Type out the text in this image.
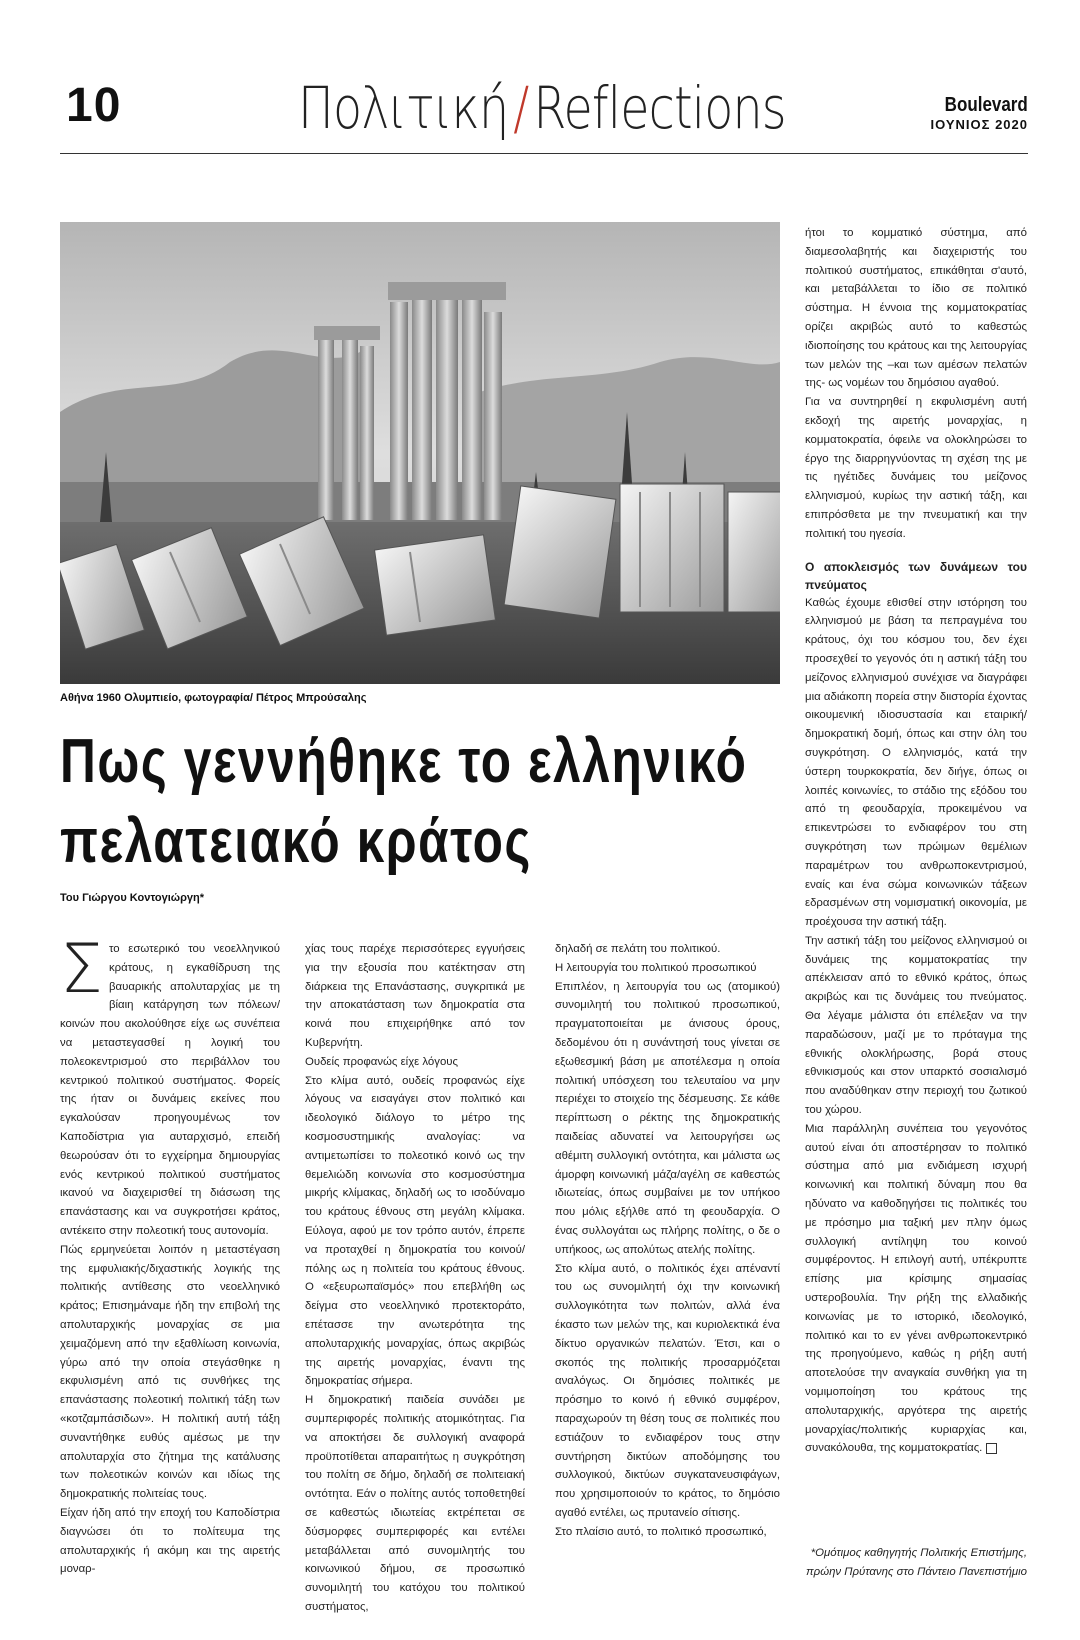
10	Πολιτική/Reflections	Boulevard
ΙΟΥΝΙΟΣ 2020
Αθήνα 1960 Ολυμπιείο, φωτογραφία/ Πέτρος Μπρούσαλης
Πως γεννήθηκε το ελληνικό
πελατειακό κράτος
Του Γιώργου Κοντογιώργη*
Σ το εσωτερικό του νεοελληνικού κράτους, η εγκαθίδρυση της βαυαρικής απολυταρχίας με τη βίαιη κατάργηση των πόλεων/κοινών που ακολούθησε είχε ως συνέπεια να μεταστεγασθεί η λογική του πολεοκεντρισμού στο περιβάλλον του κεντρικού πολιτικού συστήματος. Φορείς της ήταν οι δυνάμεις εκείνες που εγκαλούσαν προηγουμένως τον Καποδίστρια για αυταρχισμό, επειδή θεωρούσαν ότι το εγχείρημα δημιουργίας ενός κεντρικού πολιτικού συστήματος ικανού να διαχειρισθεί τη διάσωση της επανάστασης και να συγκροτήσει κράτος, αντέκειτο στην πολεοτική τους αυτονομία.

Πώς ερμηνεύεται λοιπόν η μεταστέγαση της εμφυλιακής/διχαστικής λογικής της πολιτικής αντίθεσης στο νεοελληνικό κράτος; Επισημάναμε ήδη την επιβολή της απολυταρχικής μοναρχίας σε μια χειμαζόμενη από την εξαθλίωση κοινωνία, γύρω από την οποία στεγάσθηκε η εκφυλισμένη από τις συνθήκες της επανάστασης πολεοτική πολιτική τάξη των «κοτζαμπάσιδων». Η πολιτική αυτή τάξη συναντήθηκε ευθύς αμέσως με την απολυταρχία στο ζήτημα της κατάλυσης των πολεοτικών κοινών και ιδίως της δημοκρατικής πολιτείας τους.

Είχαν ήδη από την εποχή του Καποδίστρια διαγνώσει ότι το πολίτευμα της απολυταρχικής ή ακόμη και της αιρετής μοναρ-

χίας τους παρέχε περισσότερες εγγυήσεις για την εξουσία που κατέκτησαν στη διάρκεια της Επανάστασης, συγκριτικά με την αποκατάσταση των δημοκρατία στα κοινά που επιχειρήθηκε από τον Κυβερνήτη.

Ουδείς προφανώς είχε λόγους

Στο κλίμα αυτό, ουδείς προφανώς είχε λόγους να εισαγάγει στον πολιτικό και ιδεολογικό διάλογο το μέτρο της κοσμοσυστημικής αναλογίας: να αντιμετωπίσει το πολεοτικό κοινό ως την θεμελιώδη κοινωνία στο κοσμοσύστημα μικρής κλίμακας, δηλαδή ως το ισοδύναμο του κράτους έθνους στη μεγάλη κλίμακα. Εύλογα, αφού με τον τρόπο αυτόν, έπρεπε να προταχθεί η δημοκρατία του κοινού/πόλης ως η πολιτεία του κράτους έθνους. Ο «εξευρωπαϊσμός» που επεβλήθη ως δείγμα στο νεοελληνικό προτεκτοράτο, επέτασσε την ανωτερότητα της απολυταρχικής μοναρχίας, όπως ακριβώς της αιρετής μοναρχίας, έναντι της δημοκρατίας σήμερα.

Η δημοκρατική παιδεία συνάδει με συμπεριφορές πολιτικής ατομικότητας. Για να αποκτήσει δε συλλογική αναφορά προϋποτίθεται απαραιτήτως η συγκρότηση του πολίτη σε δήμο, δηλαδή σε πολιτειακή οντότητα. Εάν ο πολίτης αυτός τοποθετηθεί σε καθεστώς ιδιωτείας εκτρέπεται σε δύσμορφες συμπεριφορές και εντέλει μεταβάλλεται από συνομιλητής του κοινωνικού δήμου, σε προσωπικό συνομιλητή του κατόχου του πολιτικού συστήματος,

δηλαδή σε πελάτη του πολιτικού.

Η λειτουργία του πολιτικού προσωπικού

Επιπλέον, η λειτουργία του ως (ατομικού) συνομιλητή του πολιτικού προσωπικού, πραγματοποιείται με άνισους όρους, δεδομένου ότι η συνάντησή τους γίνεται σε εξωθεσμική βάση με αποτέλεσμα η οποία πολιτική υπόσχεση του τελευταίου να μην περιέχει το στοιχείο της δέσμευσης. Σε κάθε περίπτωση ο ρέκτης της δημοκρατικής παιδείας αδυνατεί να λειτουργήσει ως αθέμιτη συλλογική οντότητα, και μάλιστα ως άμορφη κοινωνική μάζα/αγέλη σε καθεστώς ιδιωτείας, όπως συμβαίνει με τον υπήκοο που μόλις εξήλθε από τη φεουδαρχία. Ο ένας συλλογάται ως πλήρης πολίτης, ο δε ο υπήκοος, ως απολύτως ατελής πολίτης.

Στο κλίμα αυτό, ο πολιτικός έχει απέναντί του ως συνομιλητή όχι την κοινωνική συλλογικότητα των πολιτών, αλλά ένα έκαστο των μελών της, και κυριολεκτικά ένα δίκτυο οργανικών πελατών. Έτσι, και ο σκοπός της πολιτικής προσαρμόζεται αναλόγως. Οι δημόσιες πολιτικές με πρόσημο το κοινό ή εθνικό συμφέρον, παραχωρούν τη θέση τους σε πολιτικές που εστιάζουν το ενδιαφέρον τους στην συντήρηση δικτύων αποδόμησης του συλλογικού, δικτύων συγκατανευσιφάγων, που χρησιμοποιούν το κράτος, το δημόσιο αγαθό εντέλει, ως πρυτανείο σίτισης.

Στο πλαίσιο αυτό, το πολιτικό προσωπικό,

ήτοι το κομματικό σύστημα, από διαμεσολαβητής και διαχειριστής του πολιτικού συστήματος, επικάθηται σ'αυτό, και μεταβάλλεται το ίδιο σε πολιτικό σύστημα. Η έννοια της κομματοκρατίας ορίζει ακριβώς αυτό το καθεστώς ιδιοποίησης του κράτους και της λειτουργίας των μελών της –και των αμέσων πελατών της- ως νομέων του δημόσιου αγαθού.

Για να συντηρηθεί η εκφυλισμένη αυτή εκδοχή της αιρετής μοναρχίας, η κομματοκρατία, όφειλε να ολοκληρώσει το έργο της διαρρηγνύοντας τη σχέση της με τις ηγέτιδες δυνάμεις του μείζονος ελληνισμού, κυρίως την αστική τάξη, και επιπρόσθετα με την πνευματική και την πολιτική του ηγεσία.

Ο αποκλεισμός των δυνάμεων του πνεύματος

Καθώς έχουμε εθισθεί στην ιστόρηση του ελληνισμού με βάση τα πεπραγμένα του κράτους, όχι του κόσμου του, δεν έχει προσεχθεί το γεγονός ότι η αστική τάξη του μείζονος ελληνισμού συνέχισε να διαγράφει μια αδιάκοπη πορεία στην διιστορία έχοντας οικουμενική ιδιοσυστασία και εταιρική/δημοκρατική δομή, όπως και στην όλη του συγκρότηση. Ο ελληνισμός, κατά την ύστερη τουρκοκρατία, δεν διήγε, όπως οι λοιπές κοινωνίες, το στάδιο της εξόδου του από τη φεουδαρχία, προκειμένου να επικεντρώσει το ενδιαφέρον του στη συγκρότηση των πρώιμων θεμέλιων παραμέτρων του ανθρωποκεντρισμού, εναίς και ένα σώμα κοινωνικών τάξεων εδρασμένων στη νομισματική οικονομία, με προέχουσα την αστική τάξη.

Την αστική τάξη του μείζονος ελληνισμού οι δυνάμεις της κομματοκρατίας την απέκλεισαν από το εθνικό κράτος, όπως ακριβώς και τις δυνάμεις του πνεύματος. Θα λέγαμε μάλιστα ότι επέλεξαν να την παραδώσουν, μαζί με το πρόταγμα της εθνικής ολοκλήρωσης, βορά στους εθνικισμούς και στον υπαρκτό σοσιαλισμό που αναδύθηκαν στην περιοχή του ζωτικού του χώρου.

Μια παράλληλη συνέπεια του γεγονότος αυτού είναι ότι αποστέρησαν το πολιτικό σύστημα από μια ενδιάμεση ισχυρή κοινωνική και πολιτική δύναμη που θα ηδύνατο να καθοδηγήσει τις πολιτικές του με πρόσημο μια ταξική μεν πλην όμως συλλογική αντίληψη του κοινού συμφέροντος. Η επιλογή αυτή, υπέκρυπτε επίσης μια κρίσιμης σημασίας υστεροβουλία. Την ρήξη της ελλαδικής κοινωνίας με το ιστορικό, ιδεολογικό, πολιτικό και το εν γένει ανθρωποκεντρικό της προηγούμενο, καθώς η ρήξη αυτή αποτελούσε την αναγκαία συνθήκη για τη νομιμοποίηση του κράτους της απολυταρχικής, αργότερα της αιρετής μοναρχίας/πολιτικής κυριαρχίας και, συνακόλουθα, της κομματοκρατίας.

*Ομότιμος καθηγητής Πολιτικής Επιστήμης, πρώην Πρύτανης στο Πάντειο Πανεπιστήμιο
